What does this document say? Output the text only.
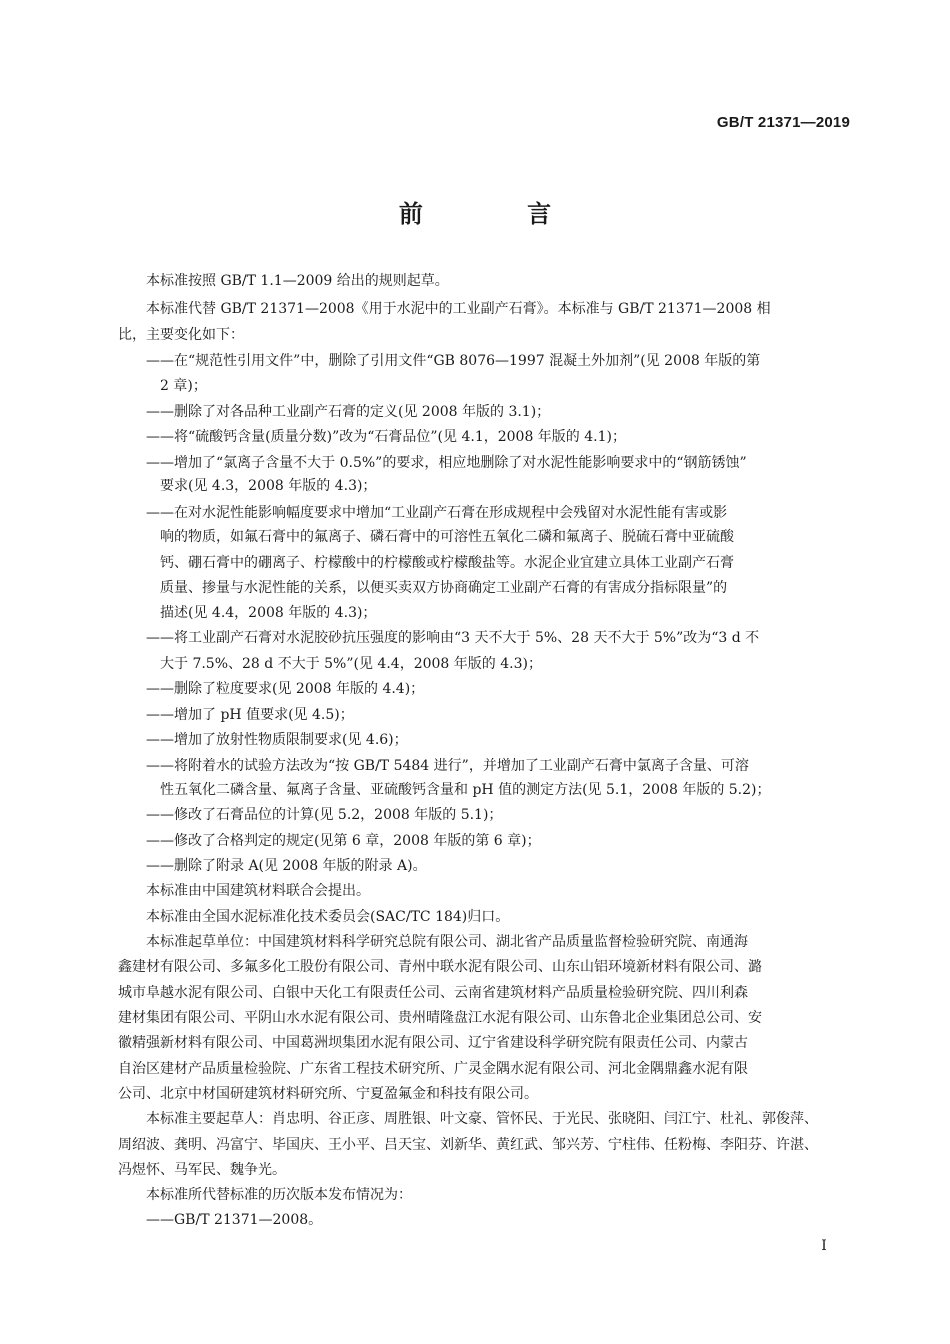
GB/T 21371—2019
前 言
　　本标准按照 GB/T 1.1—2009 给出的规则起草。
　　本标准代替 GB/T 21371—2008《用于水泥中的工业副产石膏》。本标准与 GB/T 21371—2008 相
比，主要变化如下：
　　——在“规范性引用文件”中，删除了引用文件“GB 8076—1997 混凝土外加剂”(见 2008 年版的第
　　　2 章)；
　　——删除了对各品种工业副产石膏的定义(见 2008 年版的 3.1)；
　　——将“硫酸钙含量(质量分数)”改为“石膏品位”(见 4.1，2008 年版的 4.1)；
　　——增加了“氯离子含量不大于 0.5%”的要求，相应地删除了对水泥性能影响要求中的“钢筋锈蚀”
　　　要求(见 4.3，2008 年版的 4.3)；
　　——在对水泥性能影响幅度要求中增加“工业副产石膏在形成规程中会残留对水泥性能有害或影
　　　响的物质，如氟石膏中的氟离子、磷石膏中的可溶性五氧化二磷和氟离子、脱硫石膏中亚硫酸
　　　钙、硼石膏中的硼离子、柠檬酸中的柠檬酸或柠檬酸盐等。水泥企业宜建立具体工业副产石膏
　　　质量、掺量与水泥性能的关系，以便买卖双方协商确定工业副产石膏的有害成分指标限量”的
　　　描述(见 4.4，2008 年版的 4.3)；
　　——将工业副产石膏对水泥胶砂抗压强度的影响由“3 天不大于 5%、28 天不大于 5%”改为“3 d 不
　　　大于 7.5%、28 d 不大于 5%”(见 4.4，2008 年版的 4.3)；
　　——删除了粒度要求(见 2008 年版的 4.4)；
　　——增加了 pH 值要求(见 4.5)；
　　——增加了放射性物质限制要求(见 4.6)；
　　——将附着水的试验方法改为“按 GB/T 5484 进行”，并增加了工业副产石膏中氯离子含量、可溶
　　　性五氧化二磷含量、氟离子含量、亚硫酸钙含量和 pH 值的测定方法(见 5.1，2008 年版的 5.2)；
　　——修改了石膏品位的计算(见 5.2，2008 年版的 5.1)；
　　——修改了合格判定的规定(见第 6 章，2008 年版的第 6 章)；
　　——删除了附录 A(见 2008 年版的附录 A)。
　　本标准由中国建筑材料联合会提出。
　　本标准由全国水泥标准化技术委员会(SAC/TC 184)归口。
　　本标准起草单位：中国建筑材料科学研究总院有限公司、湖北省产品质量监督检验研究院、南通海
鑫建材有限公司、多氟多化工股份有限公司、青州中联水泥有限公司、山东山铝环境新材料有限公司、潞
城市阜越水泥有限公司、白银中天化工有限责任公司、云南省建筑材料产品质量检验研究院、四川利森
建材集团有限公司、平阴山水水泥有限公司、贵州晴隆盘江水泥有限公司、山东鲁北企业集团总公司、安
徽精强新材料有限公司、中国葛洲坝集团水泥有限公司、辽宁省建设科学研究院有限责任公司、内蒙古
自治区建材产品质量检验院、广东省工程技术研究所、广灵金隅水泥有限公司、河北金隅鼎鑫水泥有限
公司、北京中材国研建筑材料研究所、宁夏盈氟金和科技有限公司。
　　本标准主要起草人：肖忠明、谷正彦、周胜银、叶文豪、管怀民、于光民、张晓阳、闫江宁、杜礼、郭俊萍、
周绍波、龚明、冯富宁、毕国庆、王小平、吕天宝、刘新华、黄红武、邹兴芳、宁柱伟、任粉梅、李阳芬、许湛、
冯煜怀、马军民、魏争光。
　　本标准所代替标准的历次版本发布情况为：
　　——GB/T 21371—2008。
I
